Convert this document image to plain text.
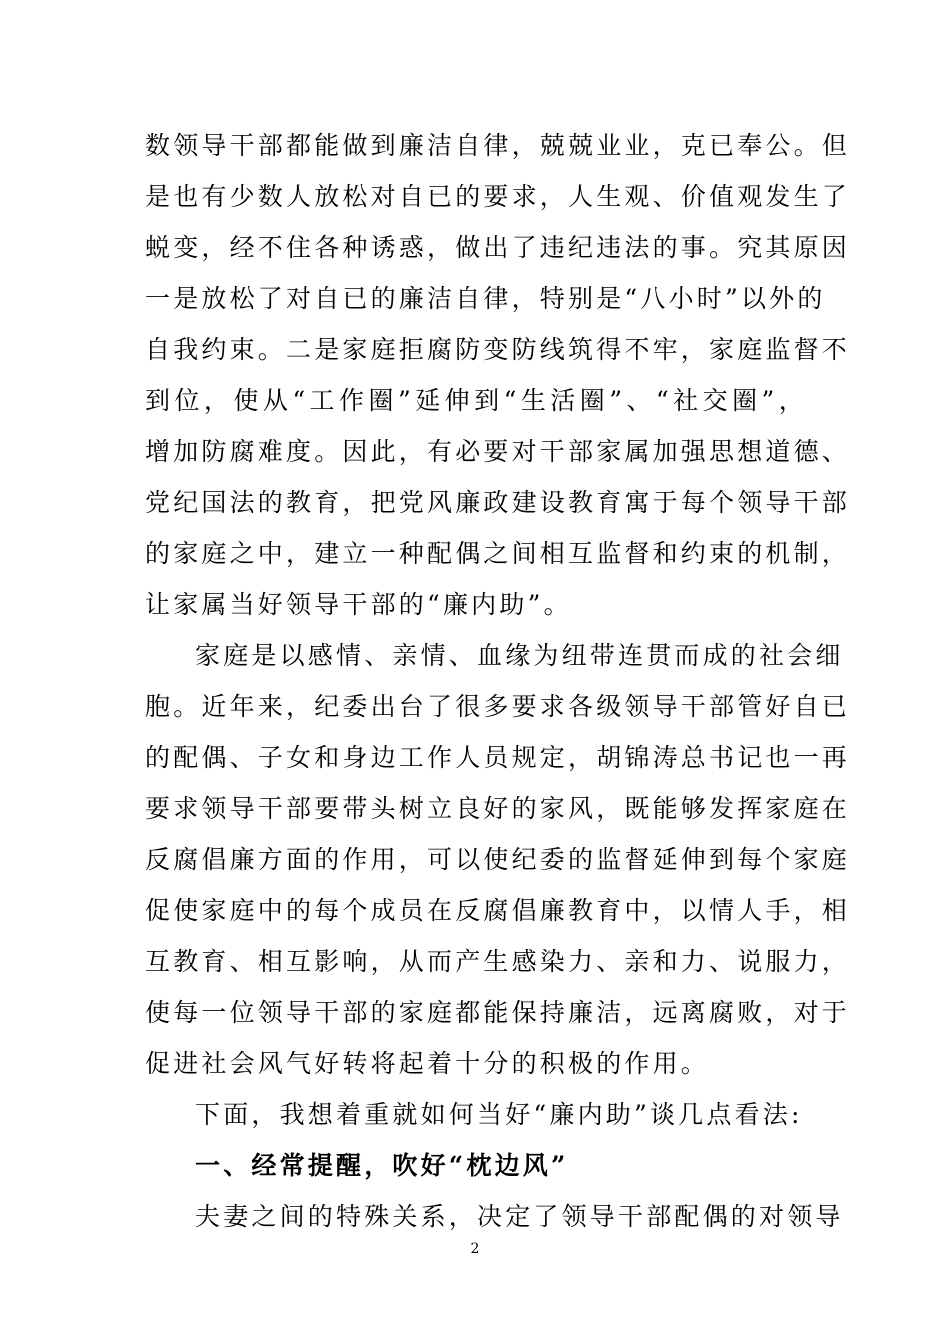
数领导干部都能做到廉洁自律，兢兢业业，克已奉公。但
是也有少数人放松对自已的要求，人生观、价值观发生了
蜕变，经不住各种诱惑，做出了违纪违法的事。究其原因
一是放松了对自已的廉洁自律，特别是“八小时”以外的
自我约束。二是家庭拒腐防变防线筑得不牢，家庭监督不
到位，使从“工作圈”延伸到“生活圈”、“社交圈”，
增加防腐难度。因此，有必要对干部家属加强思想道德、
党纪国法的教育，把党风廉政建设教育寓于每个领导干部
的家庭之中，建立一种配偶之间相互监督和约束的机制，
让家属当好领导干部的“廉内助”。
家庭是以感情、亲情、血缘为纽带连贯而成的社会细
胞。近年来，纪委出台了很多要求各级领导干部管好自已
的配偶、子女和身边工作人员规定，胡锦涛总书记也一再
要求领导干部要带头树立良好的家风，既能够发挥家庭在
反腐倡廉方面的作用，可以使纪委的监督延伸到每个家庭
促使家庭中的每个成员在反腐倡廉教育中，以情人手，相
互教育、相互影响，从而产生感染力、亲和力、说服力，
使每一位领导干部的家庭都能保持廉洁，远离腐败，对于
促进社会风气好转将起着十分的积极的作用。
下面，我想着重就如何当好“廉内助”谈几点看法:
一、经常提醒，吹好“枕边风”
夫妻之间的特殊关系，决定了领导干部配偶的对领导
2
